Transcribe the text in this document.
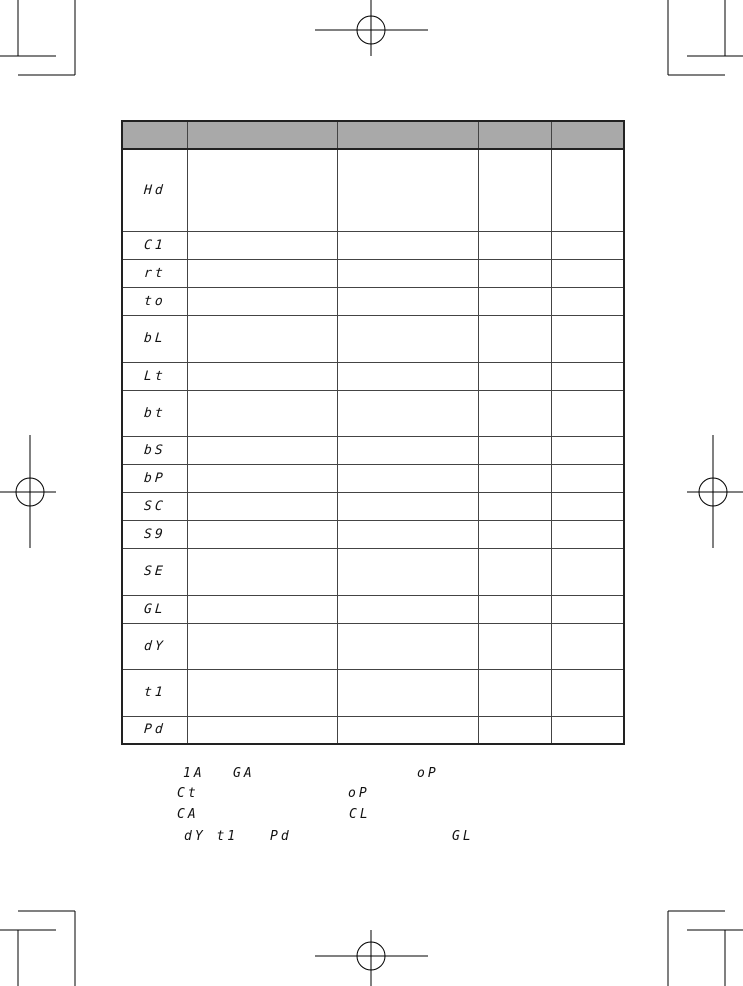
Hd				
C1				
rt				
to				
bL				
Lt				
bt				
bS				
bP				
SC				
S9				
SE				
GL				
dY				
t1				
Pd				
1A GA	oP
Ct	oP
CA	CL
dY t1 Pd	GL
